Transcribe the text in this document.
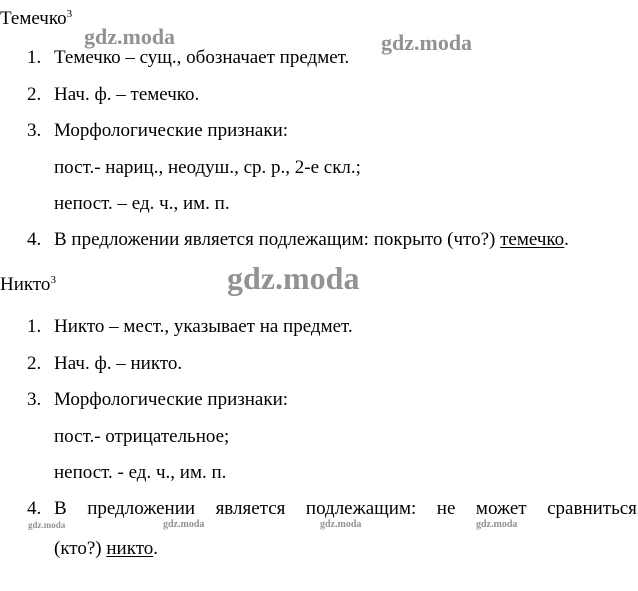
Темечко$^3$
1. Темечко – сущ., обозначает предмет.
2. Нач. ф. – темечко.
3. Морфологические признаки:
пост.- нариц., неодуш., ср. р., 2-е скл.;
непост. – ед. ч., им. п.
4. В предложении является подлежащим: покрыто (что?) темечко.
Никто$^3$
1. Никто – мест., указывает на предмет.
2. Нач. ф. – никто.
3. Морфологические признаки:
пост.- отрицательное;
непост. - ед. ч., им. п.
4. В предложении является подлежащим: не может сравниться
(кто?) никто.
gdz.moda	gdz.moda
gdz.moda
gdz.moda	gdz.moda	gdz.moda	gdz.moda
